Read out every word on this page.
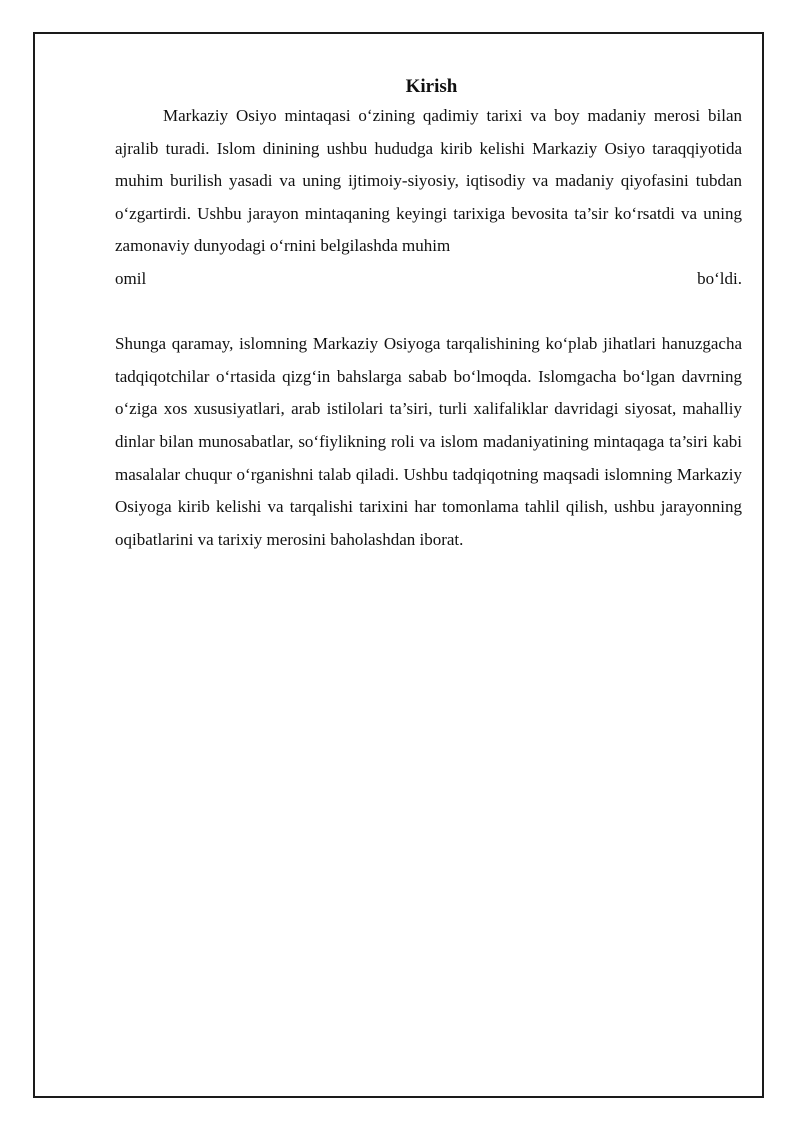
Kirish

Markaziy Osiyo mintaqasi o‘zining qadimiy tarixi va boy madaniy merosi bilan ajralib turadi. Islom dinining ushbu hududga kirib kelishi Markaziy Osiyo taraqqiyotida muhim burilish yasadi va uning ijtimoiy-siyosiy, iqtisodiy va madaniy qiyofasini tubdan o‘zgartirdi. Ushbu jarayon mintaqaning keyingi tarixiga bevosita ta’sir ko‘rsatdi va uning zamonaviy dunyodagi o‘rnini belgilashda muhim

omil	bo‘ldi.

Shunga qaramay, islomning Markaziy Osiyoga tarqalishining ko‘plab jihatlari hanuzgacha tadqiqotchilar o‘rtasida qizg‘in bahslarga sabab bo‘lmoqda. Islomgacha bo‘lgan davrning o‘ziga xos xususiyatlari, arab istilolari ta’siri, turli xalifaliklar davridagi siyosat, mahalliy dinlar bilan munosabatlar, so‘fiylikning roli va islom madaniyatining mintaqaga ta’siri kabi masalalar chuqur o‘rganishni talab qiladi. Ushbu tadqiqotning maqsadi islomning Markaziy Osiyoga kirib kelishi va tarqalishi tarixini har tomonlama tahlil qilish, ushbu jarayonning oqibatlarini va tarixiy merosini baholashdan iborat.
